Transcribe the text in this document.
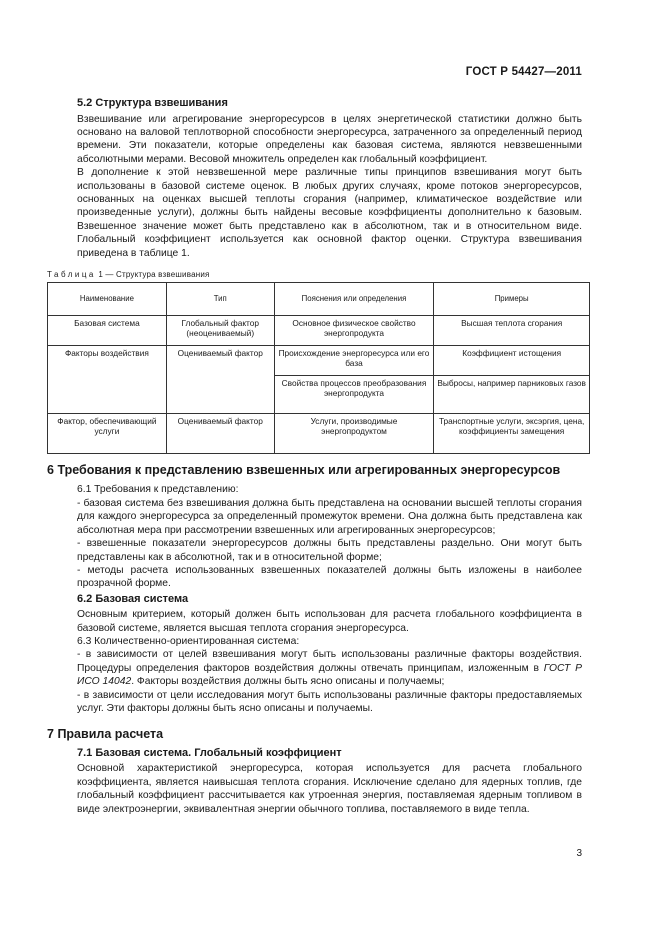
ГОСТ Р 54427—2011
5.2 Структура взвешивания

Взвешивание или агрегирование энергоресурсов в целях энергетической статистики должно быть основано на валовой теплотворной способности энергоресурса, затраченного за определенный период времени. Эти показатели, которые определены как базовая система, являются невзвешенными абсолютными мерами. Весовой множитель определен как глобальный коэффициент.

В дополнение к этой невзвешенной мере различные типы принципов взвешивания могут быть использованы в базовой системе оценок. В любых других случаях, кроме потоков энергоресурсов, основанных на оценках высшей теплоты сгорания (например, климатическое воздействие или произведенные услуги), должны быть найдены весовые коэффициенты дополнительно к базовым. Взвешенное значение может быть представлено как в абсолютном, так и в относительном виде. Глобальный коэффициент используется как основной фактор оценки. Структура взвешивания приведена в таблице 1.

Таблица 1 — Структура взвешивания
Наименование	Тип	Пояснения или определения	Примеры
Базовая система	Глобальный фактор (неоцениваемый)	Основное физическое свойство энергопродукта	Высшая теплота сгорания
Факторы воздействия	Оцениваемый фактор	Происхождение энергоресурса или его база	Коэффициент истощения
		Свойства процессов преобразования энергопродукта	Выбросы, например парниковых газов
Фактор, обеспечивающий услуги	Оцениваемый фактор	Услуги, производимые энергопродуктом	Транспортные услуги, эксэргия, цена, коэффициенты замещения
6 Требования к представлению взвешенных или агрегированных энергоресурсов

6.1 Требования к представлению:

- базовая система без взвешивания должна быть представлена на основании высшей теплоты сгорания для каждого энергоресурса за определенный промежуток времени. Она должна быть представлена как абсолютная мера при рассмотрении взвешенных или агрегированных энергоресурсов;

- взвешенные показатели энергоресурсов должны быть представлены раздельно. Они могут быть представлены как в абсолютной, так и в относительной форме;

- методы расчета использованных взвешенных показателей должны быть изложены в наиболее прозрачной форме.

6.2 Базовая система

Основным критерием, который должен быть использован для расчета глобального коэффициента в базовой системе, является высшая теплота сгорания энергоресурса.

6.3 Количественно-ориентированная система:

- в зависимости от целей взвешивания могут быть использованы различные факторы воздействия. Процедуры определения факторов воздействия должны отвечать принципам, изложенным в ГОСТ Р ИСО 14042. Факторы воздействия должны быть ясно описаны и получаемы;

- в зависимости от цели исследования могут быть использованы различные факторы предоставляемых услуг. Эти факторы должны быть ясно описаны и получаемы.

7 Правила расчета
7.1 Базовая система. Глобальный коэффициент

Основной характеристикой энергоресурса, которая используется для расчета глобального коэффициента, является наивысшая теплота сгорания. Исключение сделано для ядерных топлив, где глобальный коэффициент рассчитывается как утроенная энергия, поставляемая ядерным топливом в виде электроэнергии, эквивалентная энергии обычного топлива, поставляемого в виде тепла.

3
